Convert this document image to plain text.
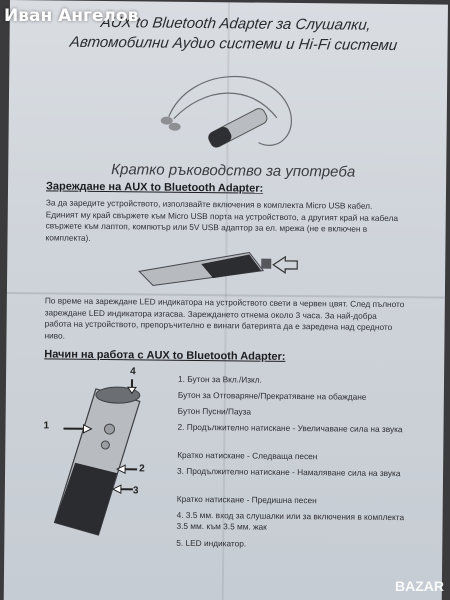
AUX to Bluetooth Adapter за Слушалки,
Автомобилни Аудио системи и Hi-Fi системи
Кратко ръководство за употреба
Зареждане на AUX to Bluetooth Adapter:
За да заредите устройството, използвайте включения в комплекта Micro USB кабел. Единият му край свържете към Micro USB порта на устройството, а другият край на кабела свържете към лаптоп, компютър или 5V USB адаптор за ел. мрежа (не е включен в комплекта).
По време на зареждане LED индикатора на устройството свети в червен цвят. След пълното зареждане LED индикатора изгасва. Зареждането отнема около 3 часа. За най-добра работа на устройството, препоръчително е винаги батерията да е заредена над средното ниво.
Начин на работа с AUX to Bluetooth Adapter:
1
2
3
4
1. Бутон за Вкл./Изкл.
Бутон за Отговаряне/Прекратяване на обаждане
Бутон Пусни/Пауза
2. Продължително натискане - Увеличаване сила на звука
Кратко натискане - Следваща песен
3. Продължително натискане - Намаляване сила на звука
Кратко натискане - Предишна песен
4. 3.5 мм. вход за слушалки или за включения в комплекта 3.5 мм. към 3.5 мм. жак
5. LED индикатор.
Иван Ангелов
BAZAR
